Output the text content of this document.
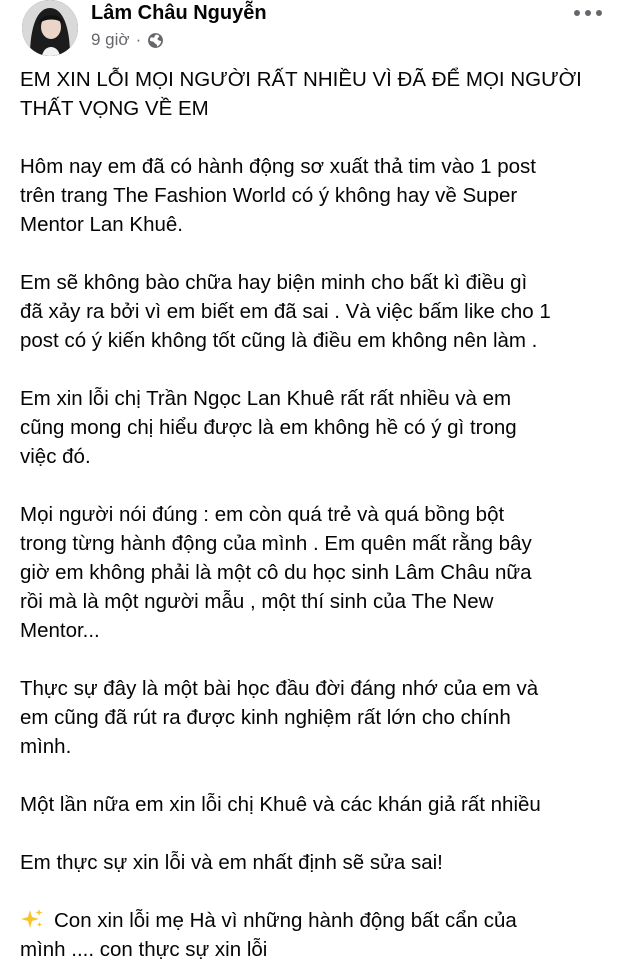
Lâm Châu Nguyễn
9 giờ ·

EM XIN LỖI MỌI NGƯỜI RẤT NHIỀU VÌ ĐÃ ĐỂ MỌI NGƯỜI
THẤT VỌNG VỀ EM

Hôm nay em đã có hành động sơ xuất thả tim vào 1 post
trên trang The Fashion World có ý không hay về Super
Mentor Lan Khuê.

Em sẽ không bào chữa hay biện minh cho bất kì điều gì
đã xảy ra bởi vì em biết em đã sai . Và việc bấm like cho 1
post có ý kiến không tốt cũng là điều em không nên làm .

Em xin lỗi chị Trần Ngọc Lan Khuê rất rất nhiều và em
cũng mong chị hiểu được là em không hề có ý gì trong
việc đó.

Mọi người nói đúng : em còn quá trẻ và quá bồng bột
trong từng hành động của mình . Em quên mất rằng bây
giờ em không phải là một cô du học sinh Lâm Châu nữa
rồi mà là một người mẫu , một thí sinh của The New
Mentor...

Thực sự đây là một bài học đầu đời đáng nhớ của em và
em cũng đã rút ra được kinh nghiệm rất lớn cho chính
mình.

Một lần nữa em xin lỗi chị Khuê và các khán giả rất nhiều

Em thực sự xin lỗi và em nhất định sẽ sửa sai!

Con xin lỗi mẹ Hà vì những hành động bất cẩn của
mình .... con thực sự xin lỗi
